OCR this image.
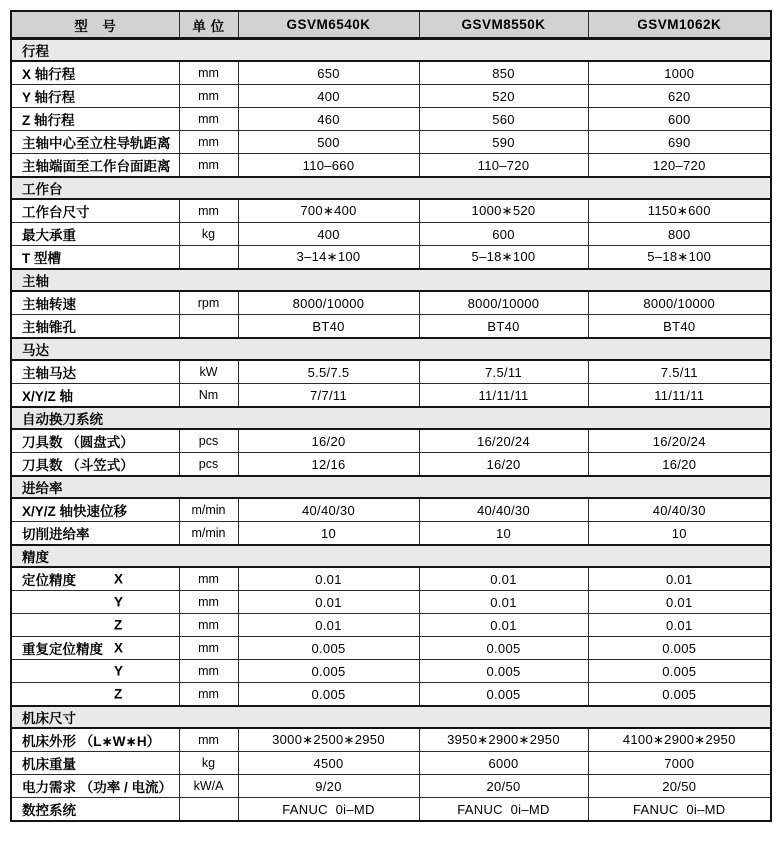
型　号	单 位	GSVM6540K	GSVM8550K	GSVM1062K
行程				
X 轴行程	mm	650	850	1000
Y 轴行程	mm	400	520	620
Z 轴行程	mm	460	560	600
主轴中心至立柱导轨距离	mm	500	590	690
主轴端面至工作台面距离	mm	110–660	110–720	120–720
工作台				
工作台尺寸	mm	700∗400	1000∗520	1150∗600
最大承重	kg	400	600	800
T 型槽		3–14∗100	5–18∗100	5–18∗100
主轴				
主轴转速	rpm	8000/10000	8000/10000	8000/10000
主轴锥孔		BT40	BT40	BT40
马达				
主轴马达	kW	5.5/7.5	7.5/11	7.5/11
X/Y/Z 轴	Nm	7/7/11	11/11/11	11/11/11
自动换刀系统				
刀具数 （圆盘式）	pcs	16/20	16/20/24	16/20/24
刀具数 （斗笠式）	pcs	12/16	16/20	16/20
进给率				
X/Y/Z 轴快速位移	m/min	40/40/30	40/40/30	40/40/30
切削进给率	m/min	10	10	10
精度				
定位精度 X	mm	0.01	0.01	0.01

Y	mm	0.01	0.01	0.01

Z	mm	0.01	0.01	0.01
重复定位精度 X	mm	0.005	0.005	0.005

Y	mm	0.005	0.005	0.005

Z	mm	0.005	0.005	0.005
机床尺寸				
机床外形 （L∗W∗H）	mm	3000∗2500∗2950	3950∗2900∗2950	4100∗2900∗2950
机床重量	kg	4500	6000	7000
电力需求 （功率 / 电流）	kW/A	9/20	20/50	20/50
数控系统		FANUC  0i–MD	FANUC  0i–MD	FANUC  0i–MD
